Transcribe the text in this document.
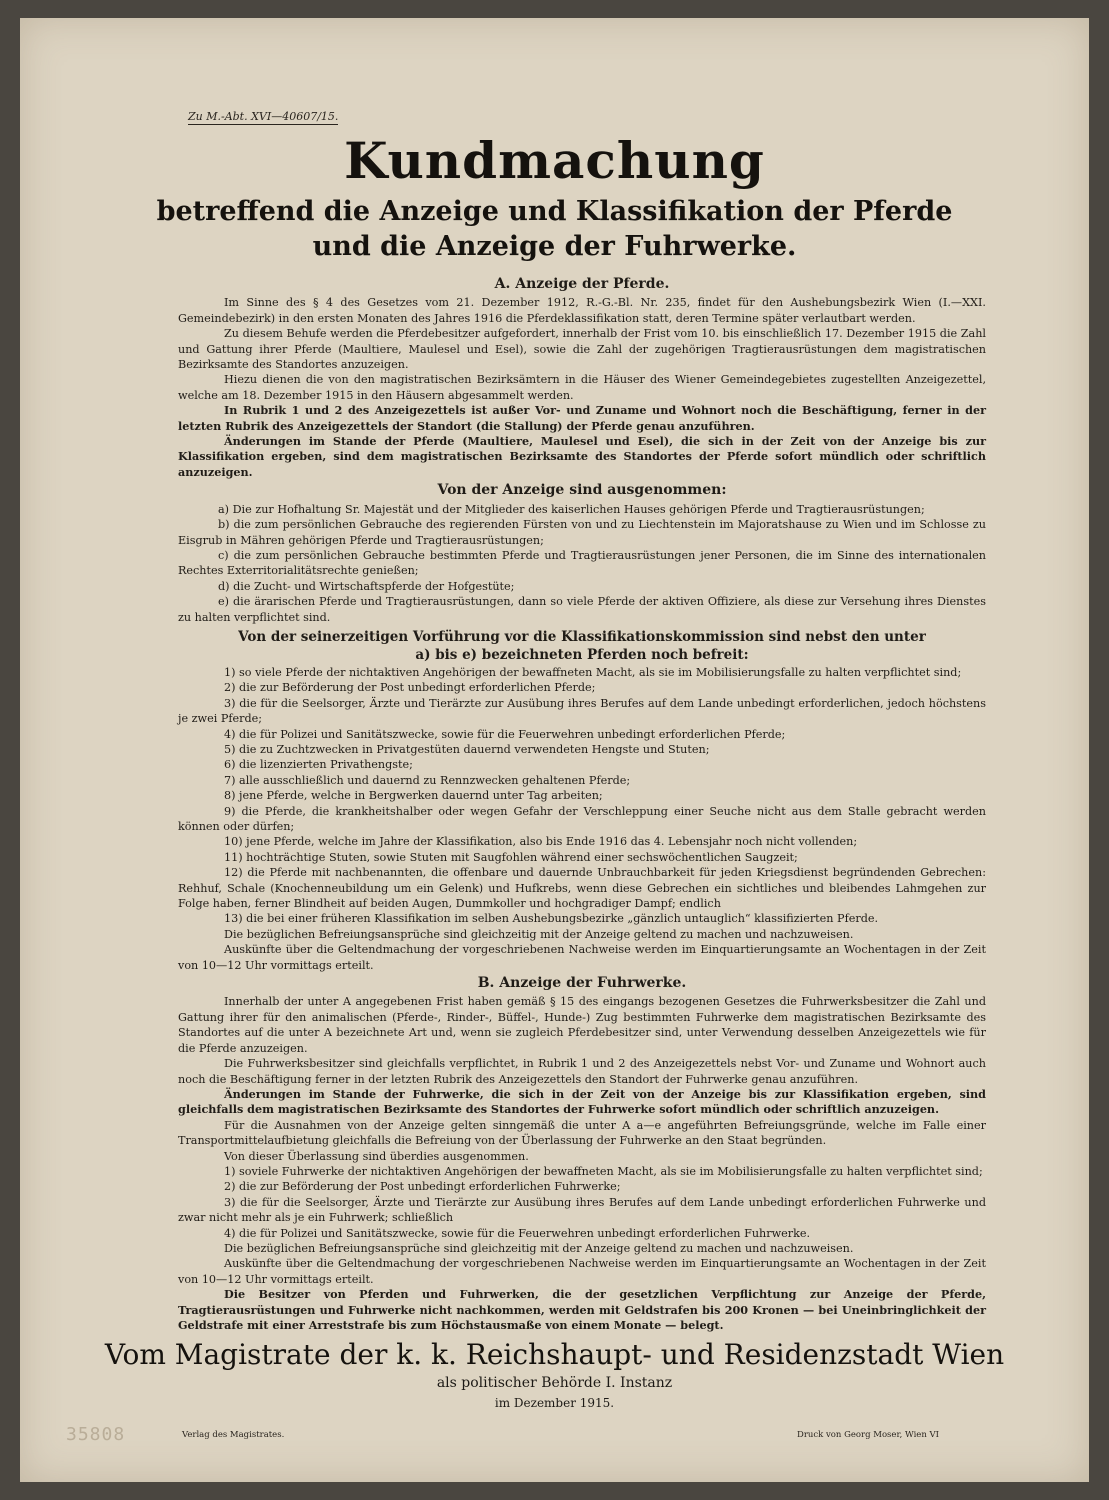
35808
Zu M.-Abt. XVI—40607/15.
Kundmachung
betreffend die Anzeige und Klassifikation der Pferde
und die Anzeige der Fuhrwerke.
A. Anzeige der Pferde.

Im Sinne des § 4 des Gesetzes vom 21. Dezember 1912, R.-G.-Bl. Nr. 235, findet für den Aushebungsbezirk Wien (I.—XXI. Gemeindebezirk) in den ersten Monaten des Jahres 1916 die Pferdeklassifikation statt, deren Termine später verlautbart werden.

Zu diesem Behufe werden die Pferdebesitzer aufgefordert, innerhalb der Frist vom 10. bis einschließlich 17. Dezember 1915 die Zahl und Gattung ihrer Pferde (Maultiere, Maulesel und Esel), sowie die Zahl der zugehörigen Tragtierausrüstungen dem magistratischen Bezirksamte des Standortes anzuzeigen.

Hiezu dienen die von den magistratischen Bezirksämtern in die Häuser des Wiener Gemeindegebietes zugestellten Anzeigezettel, welche am 18. Dezember 1915 in den Häusern abgesammelt werden.

In Rubrik 1 und 2 des Anzeigezettels ist außer Vor- und Zuname und Wohnort noch die Beschäftigung, ferner in der letzten Rubrik des Anzeigezettels der Standort (die Stallung) der Pferde genau anzuführen.

Änderungen im Stande der Pferde (Maultiere, Maulesel und Esel), die sich in der Zeit von der Anzeige bis zur Klassifikation ergeben, sind dem magistratischen Bezirksamte des Standortes der Pferde sofort mündlich oder schriftlich anzuzeigen.

Von der Anzeige sind ausgenommen:

a) Die zur Hofhaltung Sr. Majestät und der Mitglieder des kaiserlichen Hauses gehörigen Pferde und Tragtierausrüstungen;

b) die zum persönlichen Gebrauche des regierenden Fürsten von und zu Liechtenstein im Majoratshause zu Wien und im Schlosse zu Eisgrub in Mähren gehörigen Pferde und Tragtierausrüstungen;

c) die zum persönlichen Gebrauche bestimmten Pferde und Tragtierausrüstungen jener Personen, die im Sinne des internationalen Rechtes Exterritorialitätsrechte genießen;

d) die Zucht- und Wirtschaftspferde der Hofgestüte;

e) die ärarischen Pferde und Tragtierausrüstungen, dann so viele Pferde der aktiven Offiziere, als diese zur Versehung ihres Dienstes zu halten verpflichtet sind.

Von der seinerzeitigen Vorführung vor die Klassifikationskommission sind nebst den unter
a) bis e) bezeichneten Pferden noch befreit:

1) so viele Pferde der nichtaktiven Angehörigen der bewaffneten Macht, als sie im Mobilisierungsfalle zu halten verpflichtet sind;

2) die zur Beförderung der Post unbedingt erforderlichen Pferde;

3) die für die Seelsorger, Ärzte und Tierärzte zur Ausübung ihres Berufes auf dem Lande unbedingt erforderlichen, jedoch höchstens je zwei Pferde;

4) die für Polizei und Sanitätszwecke, sowie für die Feuerwehren unbedingt erforderlichen Pferde;

5) die zu Zuchtzwecken in Privatgestüten dauernd verwendeten Hengste und Stuten;

6) die lizenzierten Privathengste;

7) alle ausschließlich und dauernd zu Rennzwecken gehaltenen Pferde;

8) jene Pferde, welche in Bergwerken dauernd unter Tag arbeiten;

9) die Pferde, die krankheitshalber oder wegen Gefahr der Verschleppung einer Seuche nicht aus dem Stalle gebracht werden können oder dürfen;

10) jene Pferde, welche im Jahre der Klassifikation, also bis Ende 1916 das 4. Lebensjahr noch nicht vollenden;

11) hochträchtige Stuten, sowie Stuten mit Saugfohlen während einer sechswöchentlichen Saugzeit;

12) die Pferde mit nachbenannten, die offenbare und dauernde Unbrauchbarkeit für jeden Kriegsdienst begründenden Gebrechen: Rehhuf, Schale (Knochenneubildung um ein Gelenk) und Hufkrebs, wenn diese Gebrechen ein sichtliches und bleibendes Lahmgehen zur Folge haben, ferner Blindheit auf beiden Augen, Dummkoller und hochgradiger Dampf; endlich

13) die bei einer früheren Klassifikation im selben Aushebungsbezirke „gänzlich untauglich“ klassifizierten Pferde.

Die bezüglichen Befreiungsansprüche sind gleichzeitig mit der Anzeige geltend zu machen und nachzuweisen.

Auskünfte über die Geltendmachung der vorgeschriebenen Nachweise werden im Einquartierungsamte an Wochentagen in der Zeit von 10—12 Uhr vormittags erteilt.

B. Anzeige der Fuhrwerke.

Innerhalb der unter A angegebenen Frist haben gemäß § 15 des eingangs bezogenen Gesetzes die Fuhrwerksbesitzer die Zahl und Gattung ihrer für den animalischen (Pferde-, Rinder-, Büffel-, Hunde-) Zug bestimmten Fuhrwerke dem magistratischen Bezirksamte des Standortes auf die unter A bezeichnete Art und, wenn sie zugleich Pferdebesitzer sind, unter Verwendung desselben Anzeigezettels wie für die Pferde anzuzeigen.

Die Fuhrwerksbesitzer sind gleichfalls verpflichtet, in Rubrik 1 und 2 des Anzeigezettels nebst Vor- und Zuname und Wohnort auch noch die Beschäftigung ferner in der letzten Rubrik des Anzeigezettels den Standort der Fuhrwerke genau anzuführen.

Änderungen im Stande der Fuhrwerke, die sich in der Zeit von der Anzeige bis zur Klassifikation ergeben, sind gleichfalls dem magistratischen Bezirksamte des Standortes der Fuhrwerke sofort mündlich oder schriftlich anzuzeigen.

Für die Ausnahmen von der Anzeige gelten sinngemäß die unter A a—e angeführten Befreiungsgründe, welche im Falle einer Transportmittelaufbietung gleichfalls die Befreiung von der Überlassung der Fuhrwerke an den Staat begründen.

Von dieser Überlassung sind überdies ausgenommen.

1) soviele Fuhrwerke der nichtaktiven Angehörigen der bewaffneten Macht, als sie im Mobilisierungsfalle zu halten verpflichtet sind;

2) die zur Beförderung der Post unbedingt erforderlichen Fuhrwerke;

3) die für die Seelsorger, Ärzte und Tierärzte zur Ausübung ihres Berufes auf dem Lande unbedingt erforderlichen Fuhrwerke und zwar nicht mehr als je ein Fuhrwerk; schließlich

4) die für Polizei und Sanitätszwecke, sowie für die Feuerwehren unbedingt erforderlichen Fuhrwerke.

Die bezüglichen Befreiungsansprüche sind gleichzeitig mit der Anzeige geltend zu machen und nachzuweisen.

Auskünfte über die Geltendmachung der vorgeschriebenen Nachweise werden im Einquartierungsamte an Wochentagen in der Zeit von 10—12 Uhr vormittags erteilt.

Die Besitzer von Pferden und Fuhrwerken, die der gesetzlichen Verpflichtung zur Anzeige der Pferde, Tragtierausrüstungen und Fuhrwerke nicht nachkommen, werden mit Geldstrafen bis 200 Kronen — bei Uneinbringlichkeit der Geldstrafe mit einer Arreststrafe bis zum Höchstausmaße von einem Monate — belegt.

Vom Magistrate der k. k. Reichshaupt- und Residenzstadt Wien
als politischer Behörde I. Instanz
im Dezember 1915.
Verlag des Magistrates.	Druck von Georg Moser, Wien VI
